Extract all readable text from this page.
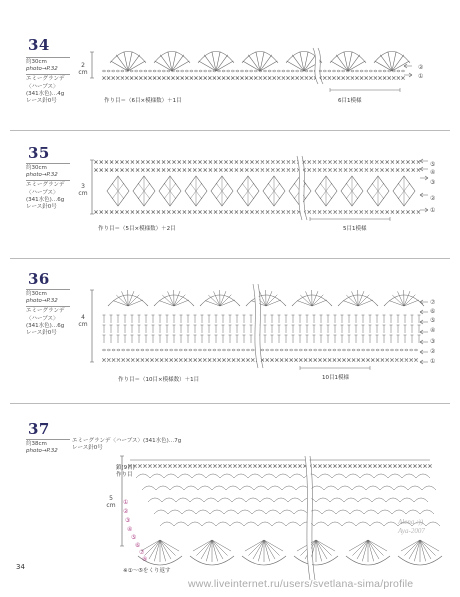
34
約30cm
photo→P.32
エミーグランデ
〈ハーブス〉
(341水色)…4g
レース針0号
2 cm
作り目＝（6目×模様数）＋1目	6目1模様
②
①
35
約30cm
photo→P.32
エミーグランデ
〈ハーブス〉
(341水色)…6g
レース針0号
3 cm
作り目＝（5目×模様数）＋2目	5目1模様
⑤
④
③
②
①
36
約30cm
photo→P.32
エミーグランデ
〈ハーブス〉
(341水色)…6g
レース針0号
4 cm
作り目＝（10目×模様数）＋1目	10目1模様
⑦
⑥
⑤
④
③
②
①
37
約38cm
photo→P.32
エミーグランデ〈ハーブス〉(341水色)…7g
レース針0号
鎖(9目)
作り目
5 cm
※①〜⑤をくり返す
①
②
③
④
⑤
⑥
⑦
⑧
34
www.liveinternet.ru/users/svetlana-sima/profile
Alena :))
Aya-2007
